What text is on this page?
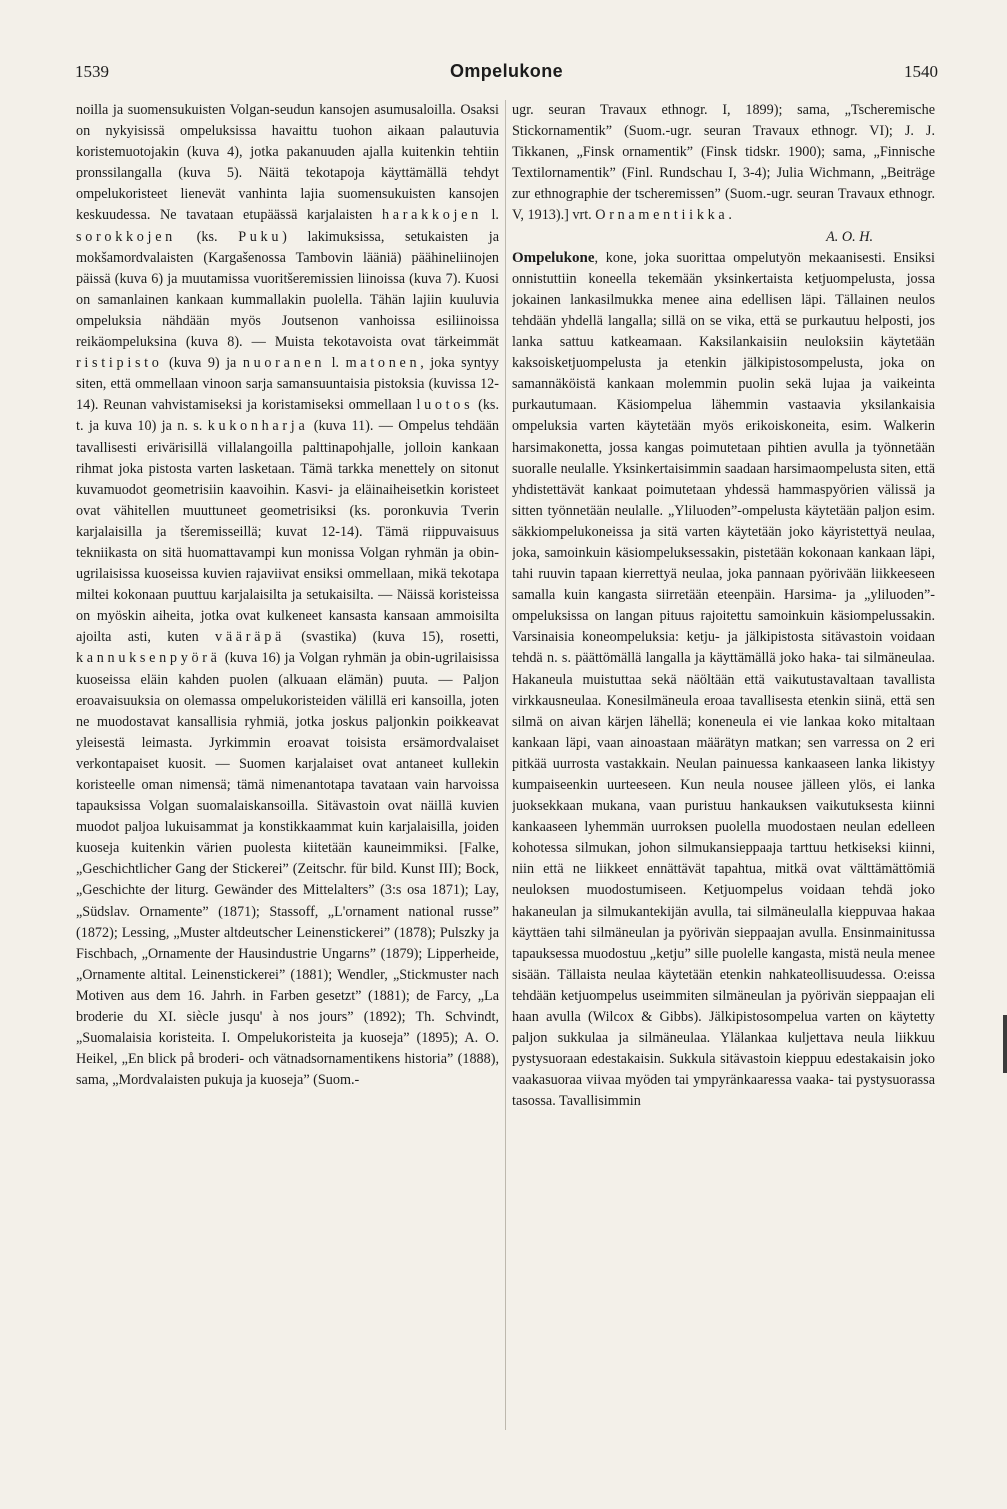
1539	Ompelukone	1540

noilla ja suomensukuisten Volgan-seudun kansojen asumusaloilla. Osaksi on nykyisissä ompeluksissa havaittu tuohon aikaan palautuvia koristemuotojakin (kuva 4), jotka pakanuuden ajalla kuitenkin tehtiin pronssilangalla (kuva 5). Näitä tekotapoja käyttämällä tehdyt ompelukoristeet lienevät vanhinta lajia suomensukuisten kansojen keskuudessa. Ne tavataan etupäässä karjalaisten harakkojen l. sorokkojen (ks. Puku) lakimuksissa, setukaisten ja mokšamordvalaisten (Kargašenossa Tambovin lääniä) päähineliinojen päissä (kuva 6) ja muutamissa vuoritšeremissien liinoissa (kuva 7). Kuosi on samanlainen kankaan kummallakin puolella. Tähän lajiin kuuluvia ompeluksia nähdään myös Joutsenon vanhoissa esiliinoissa reikäompeluksina (kuva 8). — Muista tekotavoista ovat tärkeimmät ristipisto (kuva 9) ja nuoranen l. matonen, joka syntyy siten, että ommellaan vinoon sarja samansuuntaisia pistoksia (kuvissa 12-14). Reunan vahvistamiseksi ja koristamiseksi ommellaan luotos (ks. t. ja kuva 10) ja n. s. kukonharja (kuva 11). — Ompelus tehdään tavallisesti erivärisillä villalangoilla palttinapohjalle, jolloin kankaan rihmat joka pistosta varten lasketaan. Tämä tarkka menettely on sitonut kuvamuodot geometrisiin kaavoihin. Kasvi- ja eläinaiheisetkin koristeet ovat vähitellen muuttuneet geometrisiksi (ks. poronkuvia Tverin karjalaisilla ja tšeremisseillä; kuvat 12-14). Tämä riippuvaisuus tekniikasta on sitä huomattavampi kun monissa Volgan ryhmän ja obin-ugrilaisissa kuoseissa kuvien rajaviivat ensiksi ommellaan, mikä tekotapa miltei kokonaan puuttuu karjalaisilta ja setukaisilta. — Näissä koristeissa on myöskin aiheita, jotka ovat kulkeneet kansasta kansaan ammoisilta ajoilta asti, kuten vääräpä (svastika) (kuva 15), rosetti, kannuksenpyörä (kuva 16) ja Volgan ryhmän ja obin-ugrilaisissa kuoseissa eläin kahden puolen (alkuaan elämän) puuta. — Paljon eroavaisuuksia on olemassa ompelukoristeiden välillä eri kansoilla, joten ne muodostavat kansallisia ryhmiä, jotka joskus paljonkin poikkeavat yleisestä leimasta. Jyrkimmin eroavat toisista ersämordvalaiset verkontapaiset kuosit. — Suomen karjalaiset ovat antaneet kullekin koristeelle oman nimensä; tämä nimenantotapa tavataan vain harvoissa tapauksissa Volgan suomalaiskansoilla. Sitävastoin ovat näillä kuvien muodot paljoa lukuisammat ja konstikkaammat kuin karjalaisilla, joiden kuoseja kuitenkin värien puolesta kiitetään kauneimmiksi. [Falke, „Geschichtlicher Gang der Stickerei” (Zeitschr. für bild. Kunst III); Bock, „Geschichte der liturg. Gewänder des Mittelalters” (3:s osa 1871); Lay, „Südslav. Ornamente” (1871); Stassoff, „L'ornament national russe” (1872); Lessing, „Muster altdeutscher Leinenstickerei” (1878); Pulszky ja Fischbach, „Ornamente der Hausindustrie Ungarns” (1879); Lipperheide, „Ornamente altital. Leinenstickerei” (1881); Wendler, „Stickmuster nach Motiven aus dem 16. Jahrh. in Farben gesetzt” (1881); de Farcy, „La broderie du XI. siècle jusqu' à nos jours” (1892); Th. Schvindt, „Suomalaisia koristeita. I. Ompelukoristeita ja kuoseja” (1895); A. O. Heikel, „En blick på broderi- och vätnadsornamentikens historia” (1888), sama, „Mordvalaisten pukuja ja kuoseja” (Suom.-

ugr. seuran Travaux ethnogr. I, 1899); sama, „Tscheremische Stickornamentik” (Suom.-ugr. seuran Travaux ethnogr. VI); J. J. Tikkanen, „Finsk ornamentik” (Finsk tidskr. 1900); sama, „Finnische Textilornamentik” (Finl. Rundschau I, 3-4); Julia Wichmann, „Beiträge zur ethnographie der tscheremissen” (Suom.-ugr. seuran Travaux ethnogr. V, 1913).] vrt. Ornamentiikka.

A. O. H.

Ompelukone, kone, joka suorittaa ompelutyön mekaanisesti. Ensiksi onnistuttiin koneella tekemään yksinkertaista ketjuompelusta, jossa jokainen lankasilmukka menee aina edellisen läpi. Tällainen neulos tehdään yhdellä langalla; sillä on se vika, että se purkautuu helposti, jos lanka sattuu katkeamaan. Kaksilankaisiin neuloksiin käytetään kaksoisketjuompelusta ja etenkin jälkipistosompelusta, joka on samannäköistä kankaan molemmin puolin sekä lujaa ja vaikeinta purkautumaan. Käsiompelua lähemmin vastaavia yksilankaisia ompeluksia varten käytetään myös erikoiskoneita, esim. Walkerin harsimakonetta, jossa kangas poimutetaan pihtien avulla ja työnnetään suoralle neulalle. Yksinkertaisimmin saadaan harsimaompelusta siten, että yhdistettävät kankaat poimutetaan yhdessä hammaspyörien välissä ja sitten työnnetään neulalle. „Yliluoden”-ompelusta käytetään paljon esim. säkkiompelukoneissa ja sitä varten käytetään joko käyristettyä neulaa, joka, samoinkuin käsiompeluksessakin, pistetään kokonaan kankaan läpi, tahi ruuvin tapaan kierrettyä neulaa, joka pannaan pyörivään liikkeeseen samalla kuin kangasta siirretään eteenpäin. Harsima- ja „yliluoden”-ompeluksissa on langan pituus rajoitettu samoinkuin käsiompelussakin. Varsinaisia koneompeluksia: ketju- ja jälkipistosta sitävastoin voidaan tehdä n. s. päättömällä langalla ja käyttämällä joko haka- tai silmäneulaa. Hakaneula muistuttaa sekä näöltään että vaikutustavaltaan tavallista virkkausneulaa. Konesilmäneula eroaa tavallisesta etenkin siinä, että sen silmä on aivan kärjen lähellä; koneneula ei vie lankaa koko mitaltaan kankaan läpi, vaan ainoastaan määrätyn matkan; sen varressa on 2 eri pitkää uurrosta vastakkain. Neulan painuessa kankaaseen lanka likistyy kumpaiseenkin uurteeseen. Kun neula nousee jälleen ylös, ei lanka juoksekkaan mukana, vaan puristuu hankauksen vaikutuksesta kiinni kankaaseen lyhemmän uurroksen puolella muodostaen neulan edelleen kohotessa silmukan, johon silmukansieppaaja tarttuu hetkiseksi kiinni, niin että ne liikkeet ennättävät tapahtua, mitkä ovat välttämättömiä neuloksen muodostumiseen. Ketjuompelus voidaan tehdä joko hakaneulan ja silmukantekijän avulla, tai silmäneulalla kieppuvaa hakaa käyttäen tahi silmäneulan ja pyörivän sieppaajan avulla. Ensinmainitussa tapauksessa muodostuu „ketju” sille puolelle kangasta, mistä neula menee sisään. Tällaista neulaa käytetään etenkin nahkateollisuudessa. O:eissa tehdään ketjuompelus useimmiten silmäneulan ja pyörivän sieppaajan eli haan avulla (Wilcox & Gibbs). Jälkipistosompelua varten on käytetty paljon sukkulaa ja silmäneulaa. Ylälankaa kuljettava neula liikkuu pystysuoraan edestakaisin. Sukkula sitävastoin kieppuu edestakaisin joko vaakasuoraa viivaa myöden tai ympyränkaaressa vaaka- tai pystysuorassa tasossa. Tavallisimmin
